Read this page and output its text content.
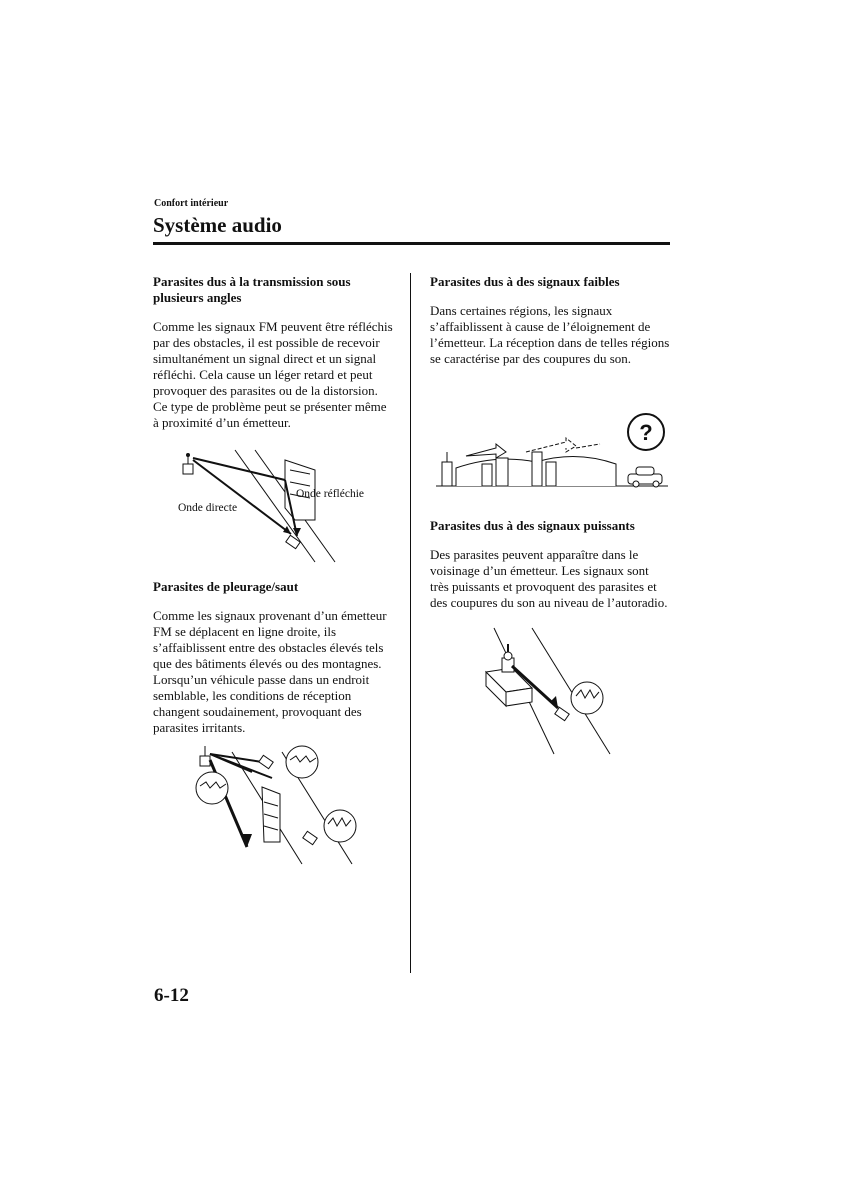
Confort intérieur
Système audio

Parasites dus à la transmission sous plusieurs angles

Comme les signaux FM peuvent être réfléchis par des obstacles, il est possible de recevoir simultanément un signal direct et un signal réfléchi. Cela cause un léger retard et peut provoquer des parasites ou de la distorsion. Ce type de problème peut se présenter même à proximité d’un émetteur.

Onde directe
Onde réfléchie

Parasites de pleurage/saut

Comme les signaux provenant d’un émetteur FM se déplacent en ligne droite, ils s’affaiblissent entre des obstacles élevés tels que des bâtiments élevés ou des montagnes. Lorsqu’un véhicule passe dans un endroit semblable, les conditions de réception changent soudainement, provoquant des parasites irritants.

Parasites dus à des signaux faibles

Dans certaines régions, les signaux s’affaiblissent à cause de l’éloignement de l’émetteur. La réception dans de telles régions se caractérise par des coupures du son.

?

Parasites dus à des signaux puissants

Des parasites peuvent apparaître dans le voisinage d’un émetteur. Les signaux sont très puissants et provoquent des parasites et des coupures du son au niveau de l’autoradio.

6-12
